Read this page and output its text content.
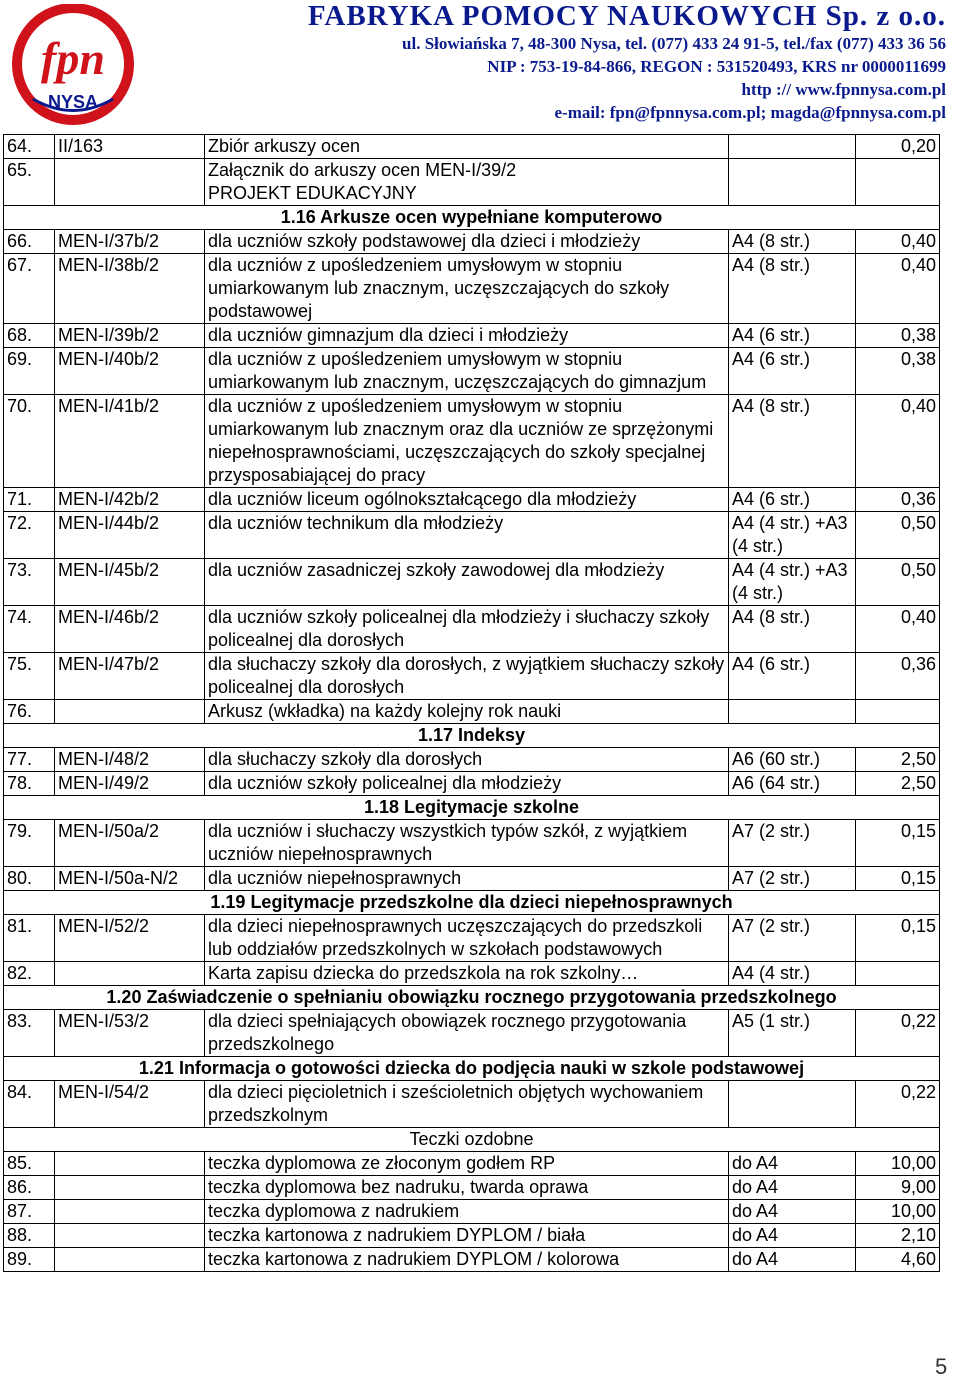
fpn
NYSA
FABRYKA POMOCY NAUKOWYCH Sp. z o.o.
ul. Słowiańska 7, 48-300 Nysa, tel. (077) 433 24 91-5, tel./fax (077) 433 36 56
NIP : 753-19-84-866, REGON : 531520493, KRS nr 0000011699
http :// www.fpnnysa.com.pl
e-mail: fpn@fpnnysa.com.pl; magda@fpnnysa.com.pl
64.	II/163	Zbiór arkuszy ocen		0,20
65.		Załącznik do arkuszy ocen MEN-I/39/2		
		PROJEKT EDUKACYJNY		
1.16 Arkusze ocen wypełniane komputerowo				
66.	MEN-I/37b/2	dla uczniów szkoły podstawowej dla dzieci i młodzieży	A4 (8 str.)	0,40
67.	MEN-I/38b/2	dla uczniów z upośledzeniem umysłowym w stopniu umiarkowanym lub znacznym, uczęszczających do szkoły podstawowej	A4 (8 str.)	0,40
68.	MEN-I/39b/2	dla uczniów gimnazjum dla dzieci i młodzieży	A4 (6 str.)	0,38
69.	MEN-I/40b/2	dla uczniów z upośledzeniem umysłowym w stopniu umiarkowanym lub znacznym, uczęszczających do gimnazjum	A4 (6 str.)	0,38
70.	MEN-I/41b/2	dla uczniów z upośledzeniem umysłowym w stopniu umiarkowanym lub znacznym oraz dla uczniów ze sprzężonymi niepełnosprawnościami, uczęszczających do szkoły specjalnej przysposabiającej do pracy	A4 (8 str.)	0,40
71.	MEN-I/42b/2	dla uczniów liceum ogólnokształcącego dla młodzieży	A4 (6 str.)	0,36
72.	MEN-I/44b/2	dla uczniów technikum dla młodzieży	A4 (4 str.) +A3 (4 str.)	0,50
73.	MEN-I/45b/2	dla uczniów zasadniczej szkoły zawodowej dla młodzieży	A4 (4 str.) +A3 (4 str.)	0,50
74.	MEN-I/46b/2	dla uczniów szkoły policealnej dla młodzieży i słuchaczy szkoły policealnej dla dorosłych	A4 (8 str.)	0,40
75.	MEN-I/47b/2	dla słuchaczy szkoły dla dorosłych, z wyjątkiem słuchaczy szkoły policealnej dla dorosłych	A4 (6 str.)	0,36
76.		Arkusz (wkładka) na każdy kolejny rok nauki		
1.17 Indeksy				
77.	MEN-I/48/2	dla słuchaczy szkoły dla dorosłych	A6 (60 str.)	2,50
78.	MEN-I/49/2	dla uczniów szkoły policealnej dla młodzieży	A6 (64 str.)	2,50
1.18 Legitymacje szkolne				
79.	MEN-I/50a/2	dla uczniów i słuchaczy wszystkich typów szkół, z wyjątkiem uczniów niepełnosprawnych	A7 (2 str.)	0,15
80.	MEN-I/50a-N/2	dla uczniów niepełnosprawnych	A7 (2 str.)	0,15
1.19 Legitymacje przedszkolne dla dzieci niepełnosprawnych				
81.	MEN-I/52/2	dla dzieci niepełnosprawnych uczęszczających do przedszkoli lub oddziałów przedszkolnych w szkołach podstawowych	A7 (2 str.)	0,15
82.		Karta zapisu dziecka do przedszkola na rok szkolny…	A4 (4 str.)	
1.20 Zaświadczenie o spełnianiu obowiązku rocznego przygotowania przedszkolnego				
83.	MEN-I/53/2	dla dzieci spełniających obowiązek rocznego przygotowania przedszkolnego	A5 (1 str.)	0,22
1.21 Informacja o gotowości dziecka do podjęcia nauki w szkole podstawowej				
84.	MEN-I/54/2	dla dzieci pięcioletnich i sześcioletnich objętych wychowaniem przedszkolnym		0,22
Teczki ozdobne				
85.		teczka dyplomowa ze złoconym godłem RP	do A4	10,00
86.		teczka dyplomowa bez nadruku, twarda oprawa	do A4	9,00
87.		teczka dyplomowa z nadrukiem	do A4	10,00
88.		teczka kartonowa z nadrukiem DYPLOM / biała	do A4	2,10
89.		teczka kartonowa z nadrukiem DYPLOM / kolorowa	do A4	4,60
5
